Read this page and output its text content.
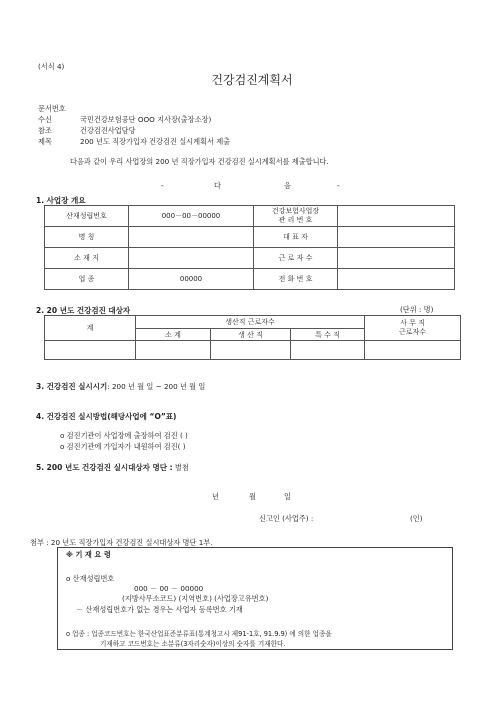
(서식 4)
건강검진계획서
문서번호
수신	국민건강보험공단 OOO 지사장(출장소장)
참조	건강검진사업담당
제목	200 년도 직장가입자 건강검진 실시계획서 제출
다음과 같이 우리 사업장의 200 년 직장가입자 건강검진 실시계획서를 제출합니다.
-	다	음	-
1. 사업장 개요
산재성립번호	000－00－00000	건강보험사업장
관 리 번 호	

명 칭		대 표 자	
소 재 지		근 로 자 수	
업 종	00000	전 화 번 호	
2. 20 년도 건강검진 대상자	(단위 : 명)
계	생산직 근로자수			사 무 직
근로자수

	소 계	생 산 직	특 수 직	

3. 건강검진 실시시기: 200 년 월 일 ~ 200 년 월 일
4. 건강검진 실시방법(해당사업에 “O”표)
o 검진기관이 사업장에 출장하여 검진 ( )
o 검진기관에 가입자가 내원하여 검진( )
5. 200 년도 건강검진 실시대상자 명단 : 별첨
년	월	일
신고인 (사업주) :	(인)
첨부 : 20 년도 직장가입자 건강검진 실시대상자 명단 1부.
※ 기 재 요 령
o 산재성립번호
000 － 00 － 00000
(지방사무소코드) (지역번호) (사업장고유번호)
－ 산재성립번호가 없는 경우는 사업자 등록번호 기재
o 업종 : 업종코드번호는 한국산업표준분류표(통계청고시 제91-1호, 91.9.9) 에 의한 업종을
기재하고 코드번호는 소분류(3자리숫자)이상의 숫자를 기재한다.
